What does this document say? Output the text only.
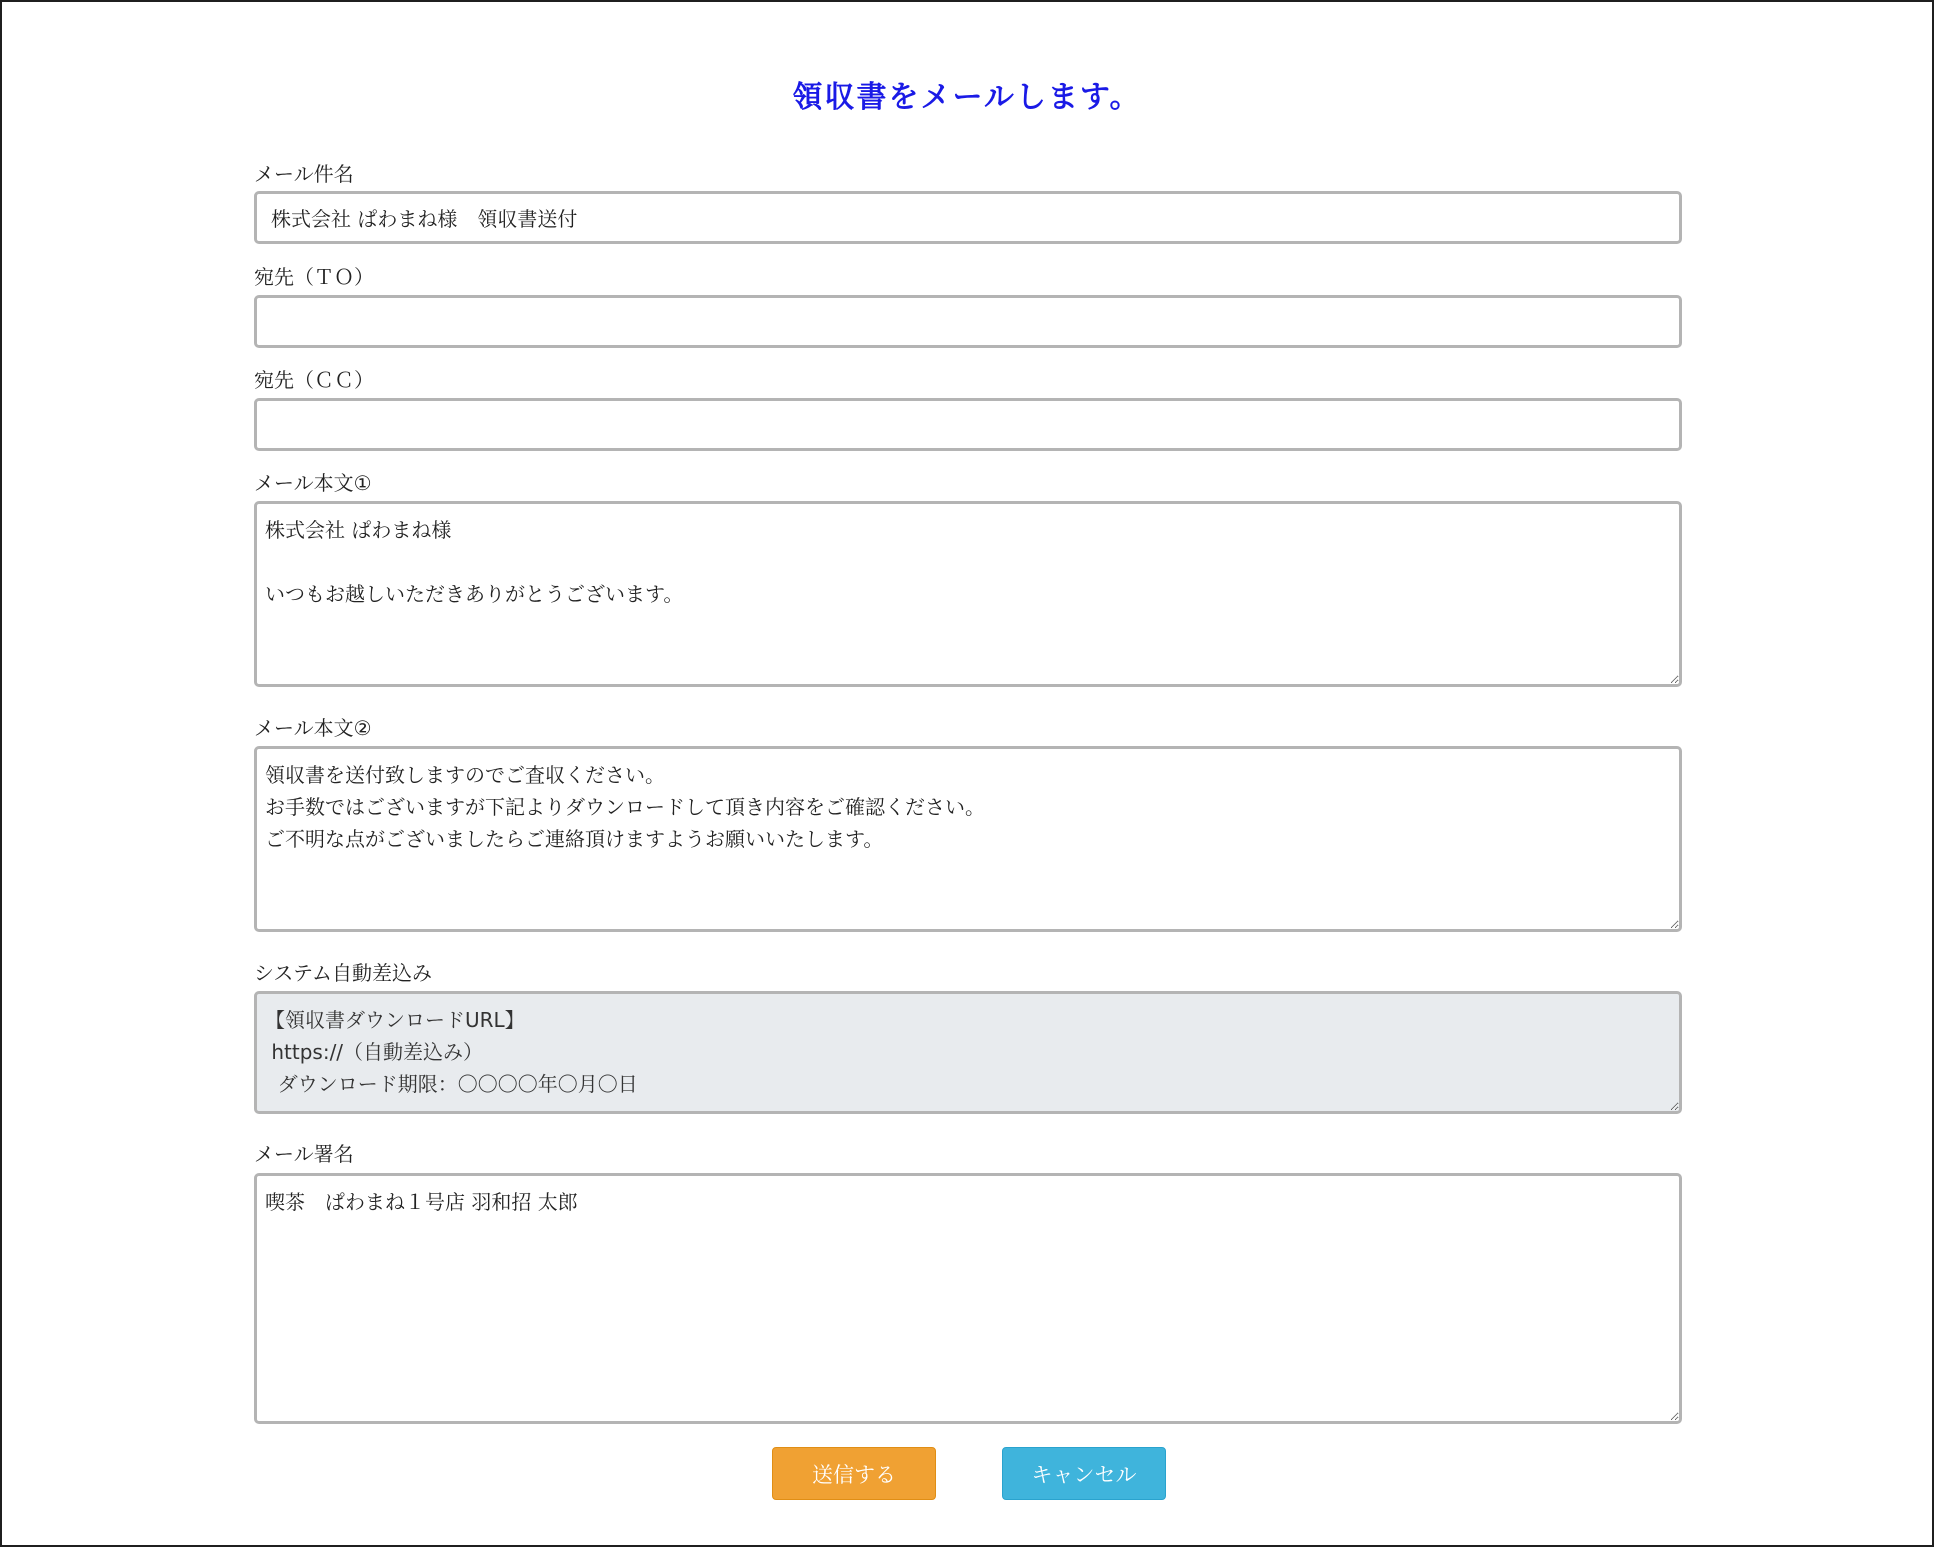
領収書をメールします。
メール件名
株式会社 ぱわまね様　領収書送付
宛先（ＴＯ）
宛先（ＣＣ）
メール本文①
株式会社 ぱわまね様 いつもお越しいただきありがとうございます。
メール本文②
領収書を送付致しますのでご査収ください。 お手数ではございますが下記よりダウンロードして頂き内容をご確認ください。 ご不明な点がございましたらご連絡頂けますようお願いいたします。
システム自動差込み
【領収書ダウンロードURL】 https://（自動差込み） ダウンロード期限：〇〇〇〇年〇月〇日
メール署名
喫茶　ぱわまね１号店 羽和招 太郎
送信する	キャンセル
